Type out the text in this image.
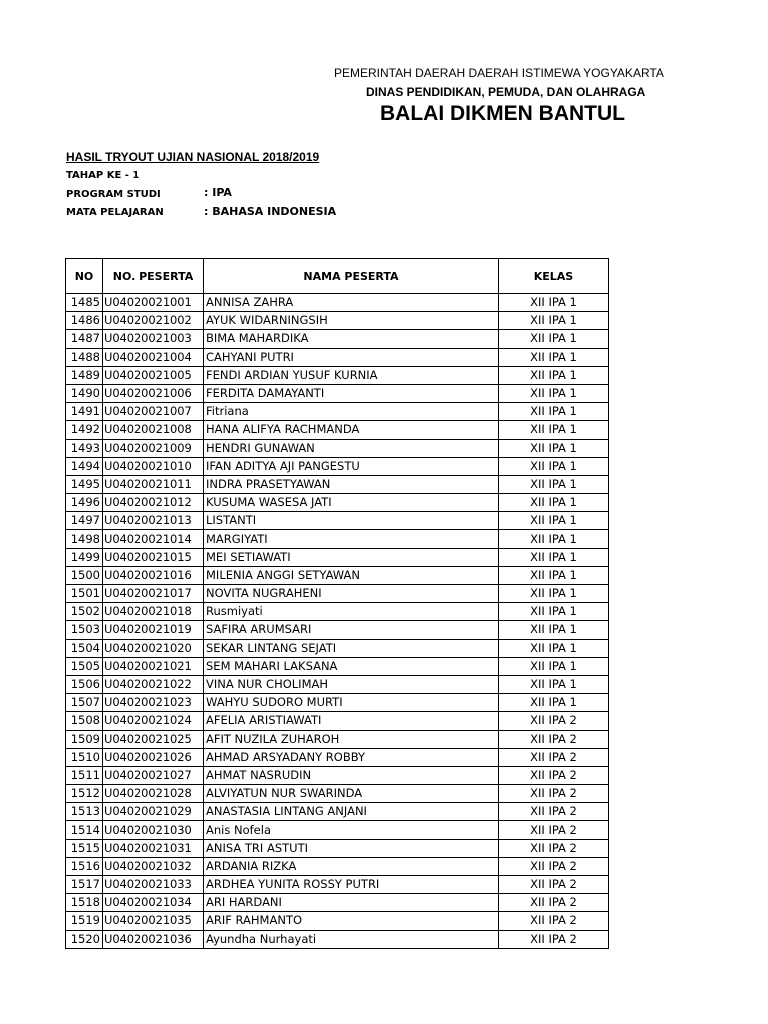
PEMERINTAH DAERAH DAERAH ISTIMEWA YOGYAKARTA
DINAS PENDIDIKAN, PEMUDA, DAN OLAHRAGA
BALAI DIKMEN BANTUL
HASIL TRYOUT UJIAN NASIONAL 2018/2019
TAHAP KE - 1
PROGRAM STUDI	: IPA
MATA PELAJARAN	: BAHASA INDONESIA
NO	NO. PESERTA	NAMA PESERTA	KELAS
1485	U04020021001	ANNISA ZAHRA	XII IPA 1
1486	U04020021002	AYUK WIDARNINGSIH	XII IPA 1
1487	U04020021003	BIMA MAHARDIKA	XII IPA 1
1488	U04020021004	CAHYANI PUTRI	XII IPA 1
1489	U04020021005	FENDI ARDIAN YUSUF KURNIA	XII IPA 1
1490	U04020021006	FERDITA DAMAYANTI	XII IPA 1
1491	U04020021007	Fitriana	XII IPA 1
1492	U04020021008	HANA ALIFYA RACHMANDA	XII IPA 1
1493	U04020021009	HENDRI GUNAWAN	XII IPA 1
1494	U04020021010	IFAN ADITYA AJI PANGESTU	XII IPA 1
1495	U04020021011	INDRA PRASETYAWAN	XII IPA 1
1496	U04020021012	KUSUMA WASESA JATI	XII IPA 1
1497	U04020021013	LISTANTI	XII IPA 1
1498	U04020021014	MARGIYATI	XII IPA 1
1499	U04020021015	MEI SETIAWATI	XII IPA 1
1500	U04020021016	MILENIA ANGGI SETYAWAN	XII IPA 1
1501	U04020021017	NOVITA NUGRAHENI	XII IPA 1
1502	U04020021018	Rusmiyati	XII IPA 1
1503	U04020021019	SAFIRA ARUMSARI	XII IPA 1
1504	U04020021020	SEKAR LINTANG SEJATI	XII IPA 1
1505	U04020021021	SEM MAHARI LAKSANA	XII IPA 1
1506	U04020021022	VINA NUR CHOLIMAH	XII IPA 1
1507	U04020021023	WAHYU SUDORO MURTI	XII IPA 1
1508	U04020021024	AFELIA ARISTIAWATI	XII IPA 2
1509	U04020021025	AFIT NUZILA ZUHAROH	XII IPA 2
1510	U04020021026	AHMAD ARSYADANY ROBBY	XII IPA 2
1511	U04020021027	AHMAT NASRUDIN	XII IPA 2
1512	U04020021028	ALVIYATUN NUR SWARINDA	XII IPA 2
1513	U04020021029	ANASTASIA LINTANG ANJANI	XII IPA 2
1514	U04020021030	Anis Nofela	XII IPA 2
1515	U04020021031	ANISA TRI ASTUTI	XII IPA 2
1516	U04020021032	ARDANIA RIZKA	XII IPA 2
1517	U04020021033	ARDHEA YUNITA ROSSY PUTRI	XII IPA 2
1518	U04020021034	ARI HARDANI	XII IPA 2
1519	U04020021035	ARIF RAHMANTO	XII IPA 2
1520	U04020021036	Ayundha Nurhayati	XII IPA 2
